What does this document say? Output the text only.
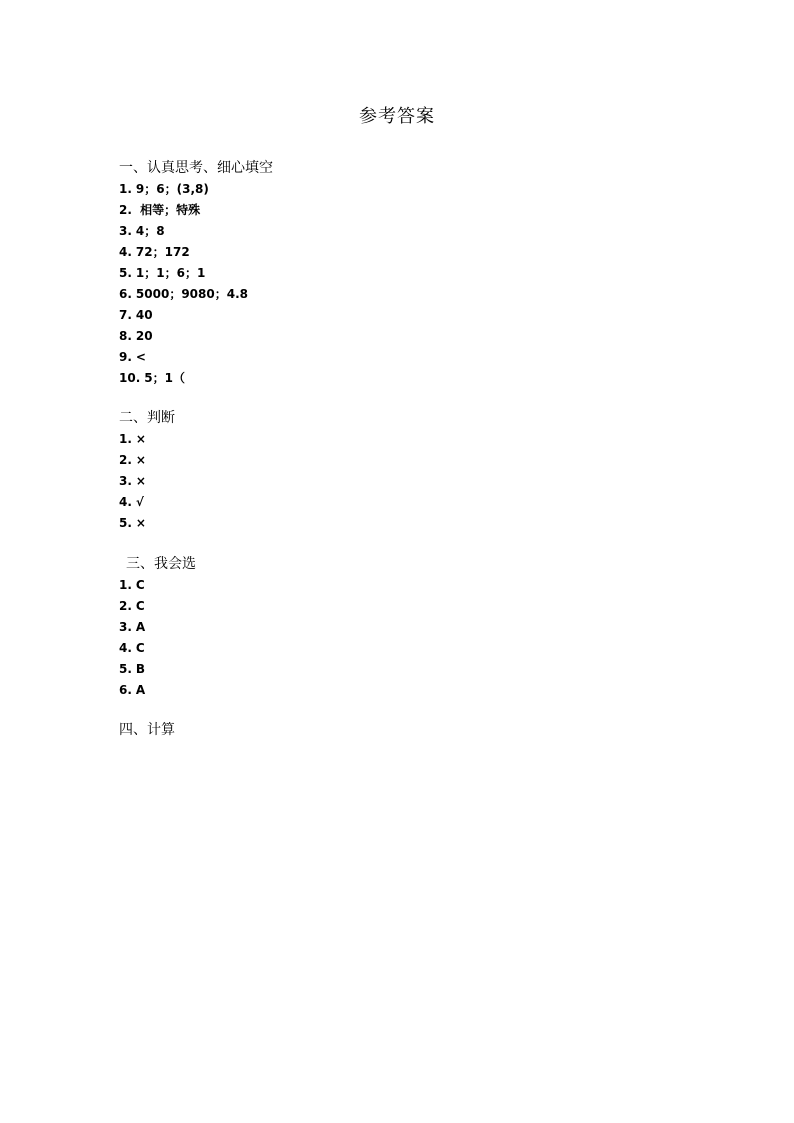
参考答案
一、认真思考、细心填空
1. 9；6；(3,8)
2. 相等；特殊
3. 4；8
4. 72；172
5. 1；1；6；1
6. 5000；9080；4.8
7. 40
8. 20
9. <
10. 5；1（
二、判断
1. ×
2. ×
3. ×
4. √
5. ×
三、我会选
1. C
2. C
3. A
4. C
5. B
6. A
四、计算
